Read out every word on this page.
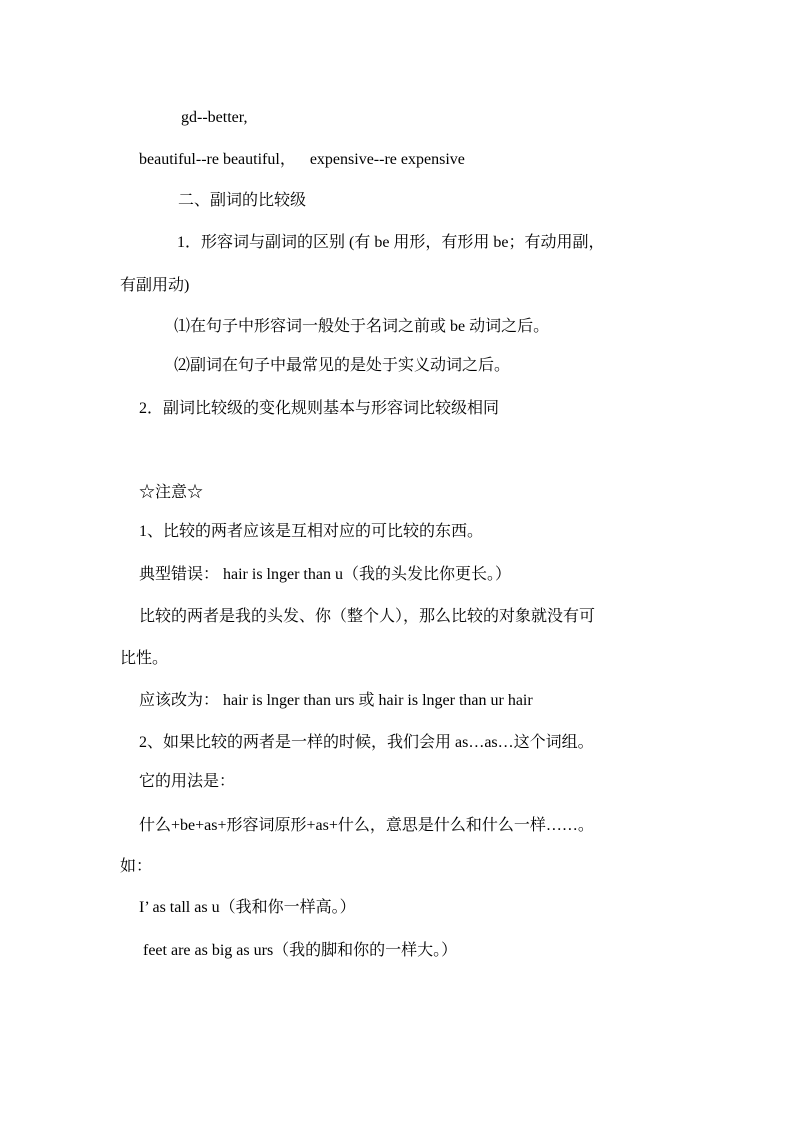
gd--better,

beautiful--re beautiful， expensive--re expensive

二、副词的比较级

1．形容词与副词的区别 (有 be 用形，有形用 be；有动用副，

有副用动)

⑴在句子中形容词一般处于名词之前或 be 动词之后。

⑵副词在句子中最常见的是处于实义动词之后。

2．副词比较级的变化规则基本与形容词比较级相同

☆注意☆

1、比较的两者应该是互相对应的可比较的东西。

典型错误： hair is lnger than u（我的头发比你更长。）

比较的两者是我的头发、你（整个人），那么比较的对象就没有可

比性。

应该改为： hair is lnger than urs 或 hair is lnger than ur hair

2、如果比较的两者是一样的时候，我们会用 as…as…这个词组。

它的用法是：

什么+be+as+形容词原形+as+什么，意思是什么和什么一样……。

如：

I’ as tall as u（我和你一样高。）

feet are as big as urs（我的脚和你的一样大。）
